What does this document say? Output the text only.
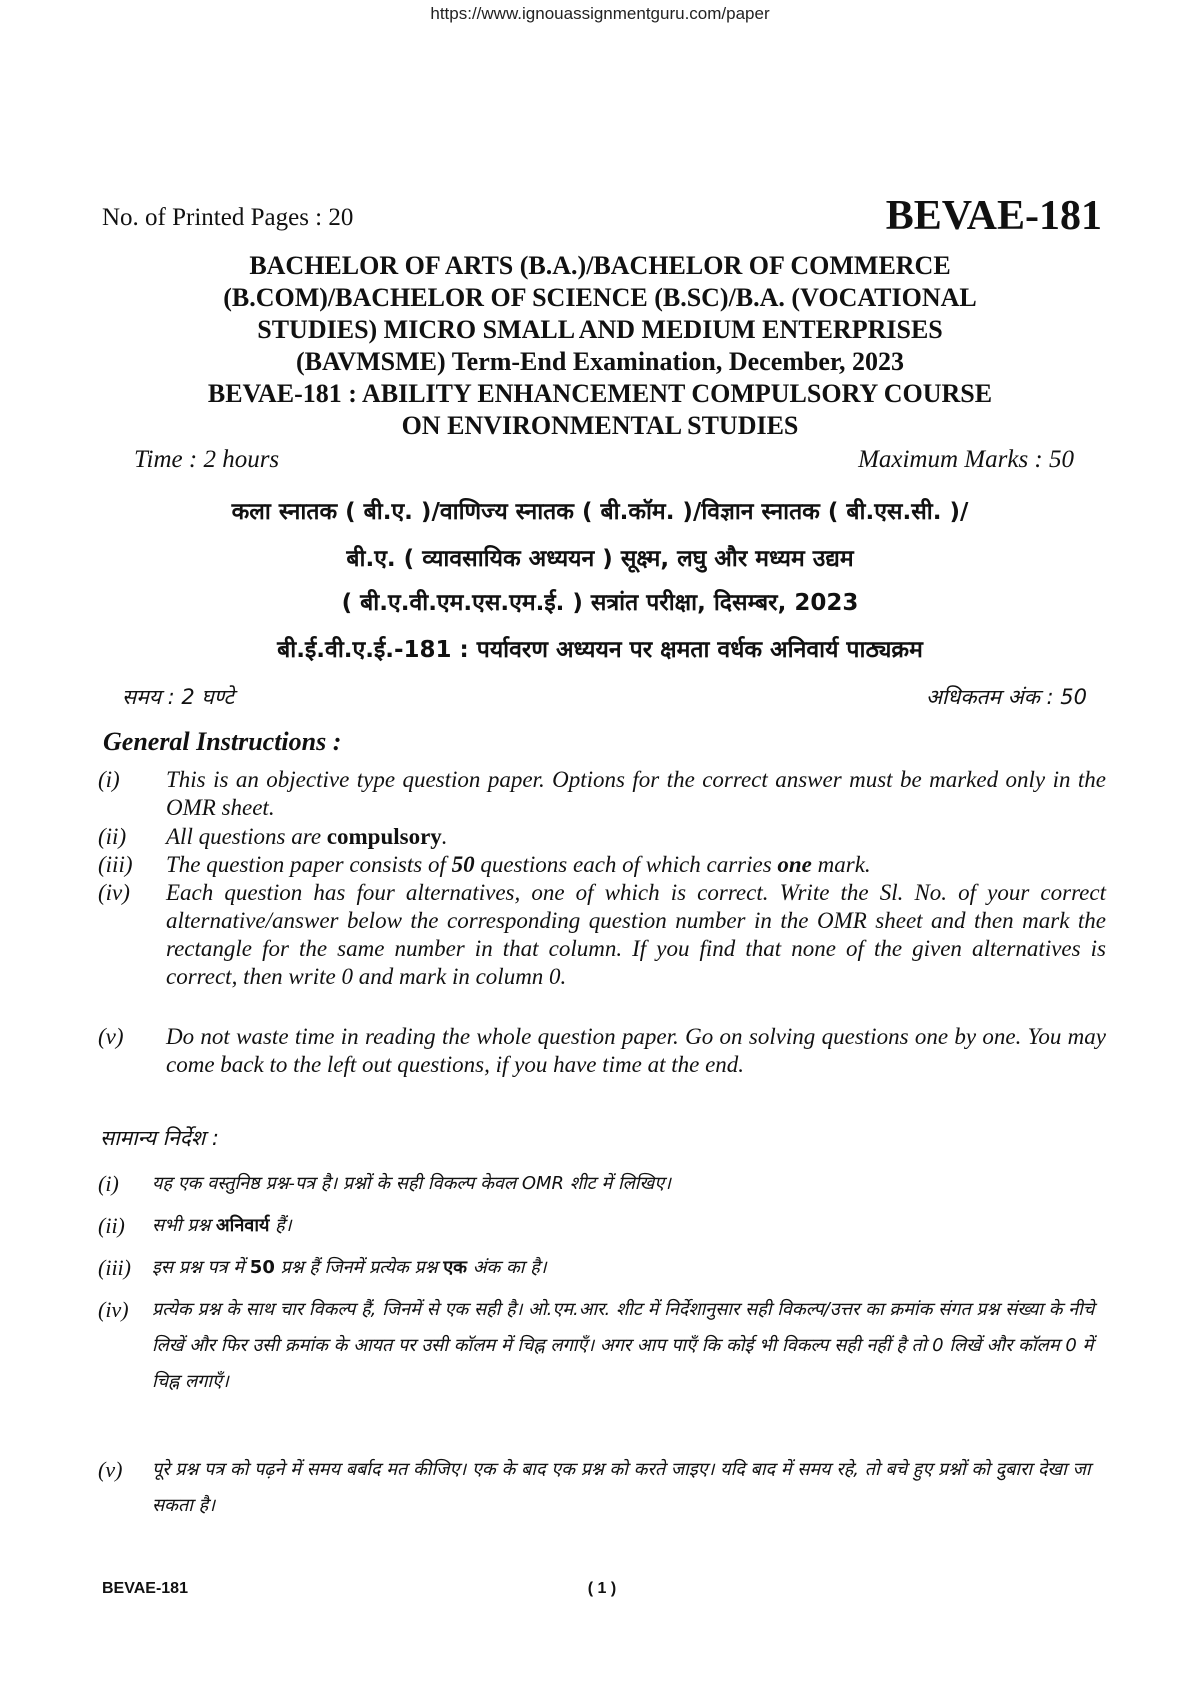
https://www.ignouassignmentguru.com/paper
No. of Printed Pages : 20	BEVAE-181
BACHELOR OF ARTS (B.A.)/BACHELOR OF COMMERCE
(B.COM)/BACHELOR OF SCIENCE (B.SC)/B.A. (VOCATIONAL
STUDIES) MICRO SMALL AND MEDIUM ENTERPRISES
(BAVMSME) Term-End Examination, December, 2023
BEVAE-181 : ABILITY ENHANCEMENT COMPULSORY COURSE
ON ENVIRONMENTAL STUDIES
Time : 2 hours	Maximum Marks : 50
कला स्नातक ( बी.ए. )/वाणिज्य स्नातक ( बी.कॉम. )/विज्ञान स्नातक ( बी.एस.सी. )/
बी.ए. ( व्यावसायिक अध्ययन ) सूक्ष्म, लघु और मध्यम उद्यम
( बी.ए.वी.एम.एस.एम.ई. ) सत्रांत परीक्षा, दिसम्बर, 2023
बी.ई.वी.ए.ई.-181 : पर्यावरण अध्ययन पर क्षमता वर्धक अनिवार्य पाठ्यक्रम
समय : 2 घण्टे	अधिकतम अंक : 50
General Instructions :
(i) This is an objective type question paper. Options for the correct answer must be marked only in the OMR sheet.
(ii) All questions are compulsory.
(iii) The question paper consists of 50 questions each of which carries one mark.
(iv) Each question has four alternatives, one of which is correct. Write the Sl. No. of your correct alternative/answer below the corresponding question number in the OMR sheet and then mark the rectangle for the same number in that column. If you find that none of the given alternatives is correct, then write 0 and mark in column 0.
(v) Do not waste time in reading the whole question paper. Go on solving questions one by one. You may come back to the left out questions, if you have time at the end.
सामान्य निर्देश :
(i) यह एक वस्तुनिष्ठ प्रश्न-पत्र है। प्रश्नों के सही विकल्प केवल OMR शीट में लिखिए।
(ii) सभी प्रश्न अनिवार्य हैं।
(iii) इस प्रश्न पत्र में 50 प्रश्न हैं जिनमें प्रत्येक प्रश्न एक अंक का है।
(iv) प्रत्येक प्रश्न के साथ चार विकल्प हैं, जिनमें से एक सही है। ओ.एम.आर. शीट में निर्देशानुसार सही विकल्प/उत्तर का क्रमांक संगत प्रश्न संख्या के नीचे लिखें और फिर उसी क्रमांक के आयत पर उसी कॉलम में चिह्न लगाएँ। अगर आप पाएँ कि कोई भी विकल्प सही नहीं है तो 0 लिखें और कॉलम 0 में चिह्न लगाएँ।
(v) पूरे प्रश्न पत्र को पढ़ने में समय बर्बाद मत कीजिए। एक के बाद एक प्रश्न को करते जाइए। यदि बाद में समय रहे, तो बचे हुए प्रश्नों को दुबारा देखा जा सकता है।
BEVAE-181	( 1 )
